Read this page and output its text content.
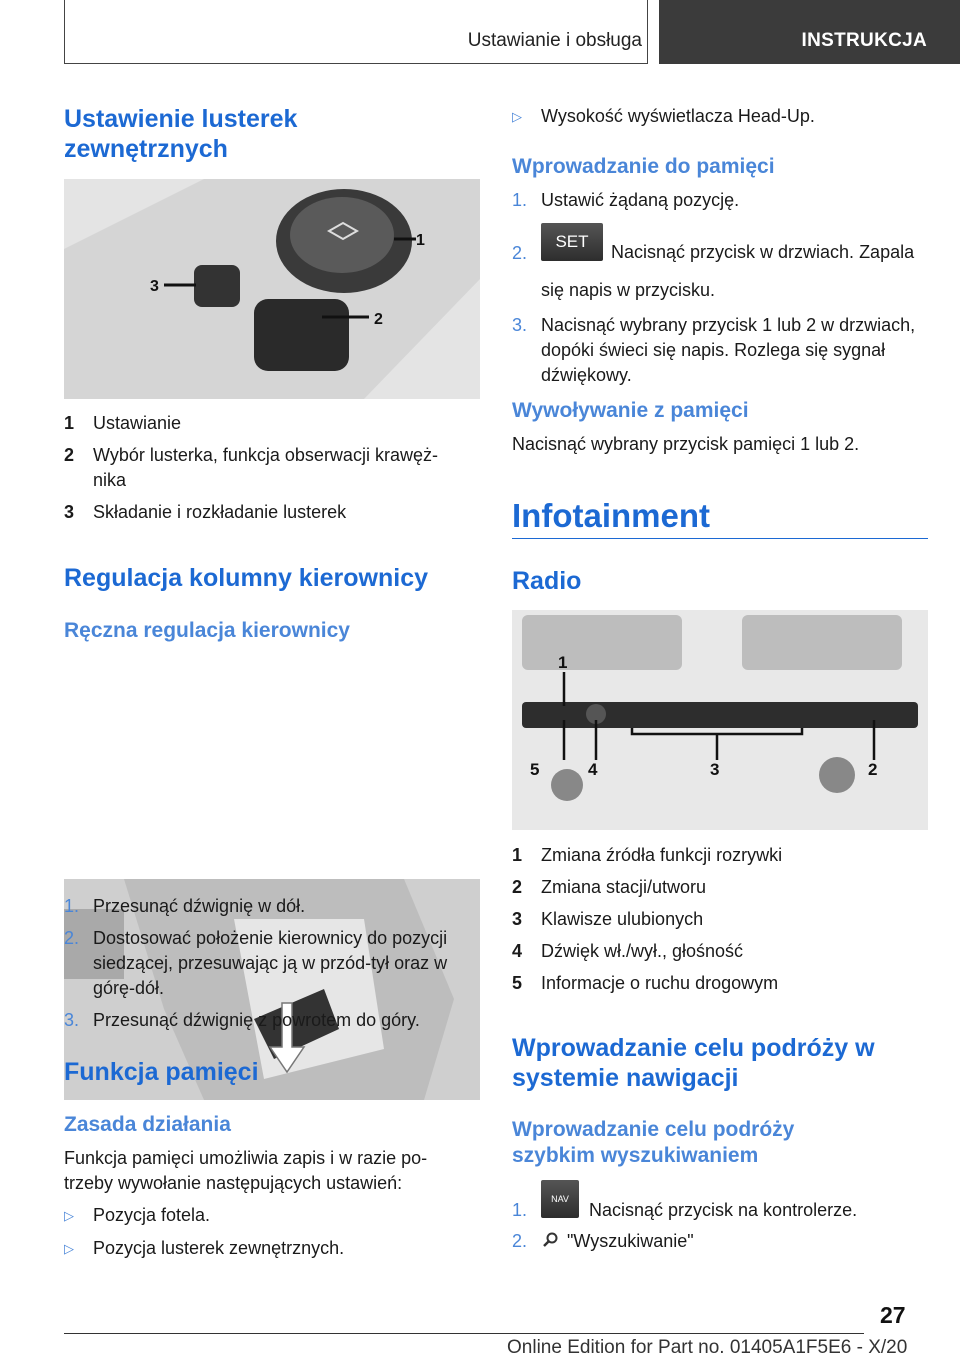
Ustawianie i obsługa	INSTRUKCJA
Ustawienie lusterek zewnętrznych
1
2
3
1	Ustawianie
2	Wybór lusterka, funkcja obserwacji krawężnika
3	Składanie i rozkładanie lusterek
Regulacja kolumny kierownicy
Ręczna regulacja kierownicy
1. Przesunąć dźwignię w dół.
2. Dostosować położenie kierownicy do pozycji siedzącej, przesuwając ją w przód-tył oraz w górę-dół.
3. Przesunąć dźwignię z powrotem do góry.
Funkcja pamięci
Zasada działania
Funkcja pamięci umożliwia zapis i w razie potrzeby wywołanie następujących ustawień:
▷	Pozycja fotela.
▷	Pozycja lusterek zewnętrznych.
▷	Wysokość wyświetlacza Head-Up.
Wprowadzanie do pamięci
1. Ustawić żądaną pozycję.
2.
SETNacisnąć przycisk w drzwiach. Zapala się napis w przycisku.
3. Nacisnąć wybrany przycisk 1 lub 2 w drzwiach, dopóki świeci się napis. Rozlega się sygnał dźwiękowy.
Wywoływanie z pamięci
Nacisnąć wybrany przycisk pamięci 1 lub 2.
Infotainment
Radio
1
5	4	3	2
1	Zmiana źródła funkcji rozrywki
2	Zmiana stacji/utworu
3	Klawisze ulubionych
4	Dźwięk wł./wył., głośność
5	Informacje o ruchu drogowym
Wprowadzanie celu podróży w systemie nawigacji
Wprowadzanie celu podróży szybkim wyszukiwaniem
1.
NAVNacisnąć przycisk na kontrolerze.
2.	"Wyszukiwanie"
27
Online Edition for Part no. 01405A1F5E6 - X/20
